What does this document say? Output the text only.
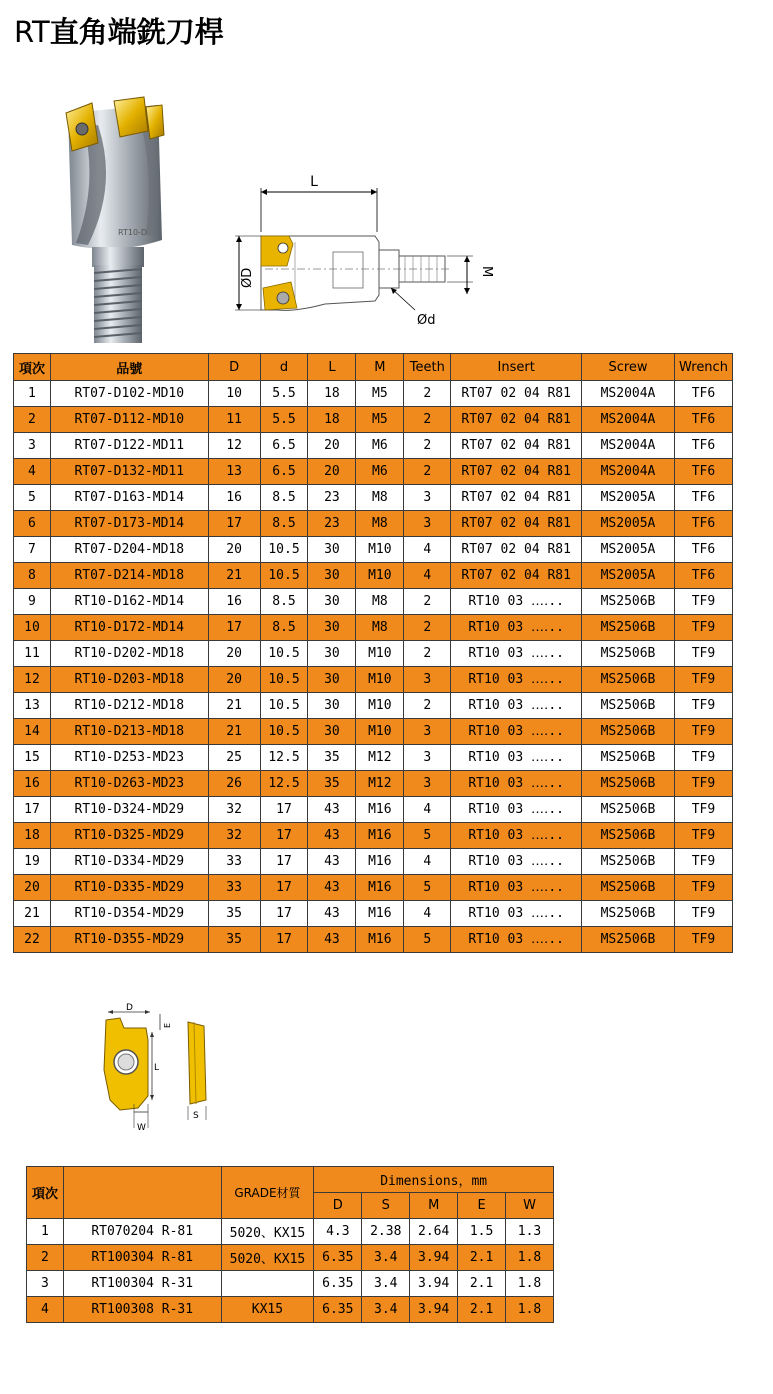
RT直角端銑刀桿
RT10-D
L
ØD	M
Ød
項次	品號	D	d	L	M	Teeth	Insert	Screw	Wrench
1	RT07-D102-MD10	10	5.5	18	M5	2	RT07 02 04 R81	MS2004A	TF6
2	RT07-D112-MD10	11	5.5	18	M5	2	RT07 02 04 R81	MS2004A	TF6
3	RT07-D122-MD11	12	6.5	20	M6	2	RT07 02 04 R81	MS2004A	TF6
4	RT07-D132-MD11	13	6.5	20	M6	2	RT07 02 04 R81	MS2004A	TF6
5	RT07-D163-MD14	16	8.5	23	M8	3	RT07 02 04 R81	MS2005A	TF6
6	RT07-D173-MD14	17	8.5	23	M8	3	RT07 02 04 R81	MS2005A	TF6
7	RT07-D204-MD18	20	10.5	30	M10	4	RT07 02 04 R81	MS2005A	TF6
8	RT07-D214-MD18	21	10.5	30	M10	4	RT07 02 04 R81	MS2005A	TF6
9	RT10-D162-MD14	16	8.5	30	M8	2	RT10 03 ‥‥..	MS2506B	TF9
10	RT10-D172-MD14	17	8.5	30	M8	2	RT10 03 ‥‥..	MS2506B	TF9
11	RT10-D202-MD18	20	10.5	30	M10	2	RT10 03 ‥‥..	MS2506B	TF9
12	RT10-D203-MD18	20	10.5	30	M10	3	RT10 03 ‥‥..	MS2506B	TF9
13	RT10-D212-MD18	21	10.5	30	M10	2	RT10 03 ‥‥..	MS2506B	TF9
14	RT10-D213-MD18	21	10.5	30	M10	3	RT10 03 ‥‥..	MS2506B	TF9
15	RT10-D253-MD23	25	12.5	35	M12	3	RT10 03 ‥‥..	MS2506B	TF9
16	RT10-D263-MD23	26	12.5	35	M12	3	RT10 03 ‥‥..	MS2506B	TF9
17	RT10-D324-MD29	32	17	43	M16	4	RT10 03 ‥‥..	MS2506B	TF9
18	RT10-D325-MD29	32	17	43	M16	5	RT10 03 ‥‥..	MS2506B	TF9
19	RT10-D334-MD29	33	17	43	M16	4	RT10 03 ‥‥..	MS2506B	TF9
20	RT10-D335-MD29	33	17	43	M16	5	RT10 03 ‥‥..	MS2506B	TF9
21	RT10-D354-MD29	35	17	43	M16	4	RT10 03 ‥‥..	MS2506B	TF9
22	RT10-D355-MD29	35	17	43	M16	5	RT10 03 ‥‥..	MS2506B	TF9
D
E
L
W
S
項次		GRADE材質	Dimensions，mm				
			D	S	M	E	W
1	RT070204 R-81	5020、KX15	4.3	2.38	2.64	1.5	1.3
2	RT100304 R-81	5020、KX15	6.35	3.4	3.94	2.1	1.8
3	RT100304 R-31		6.35	3.4	3.94	2.1	1.8
4	RT100308 R-31	KX15	6.35	3.4	3.94	2.1	1.8
